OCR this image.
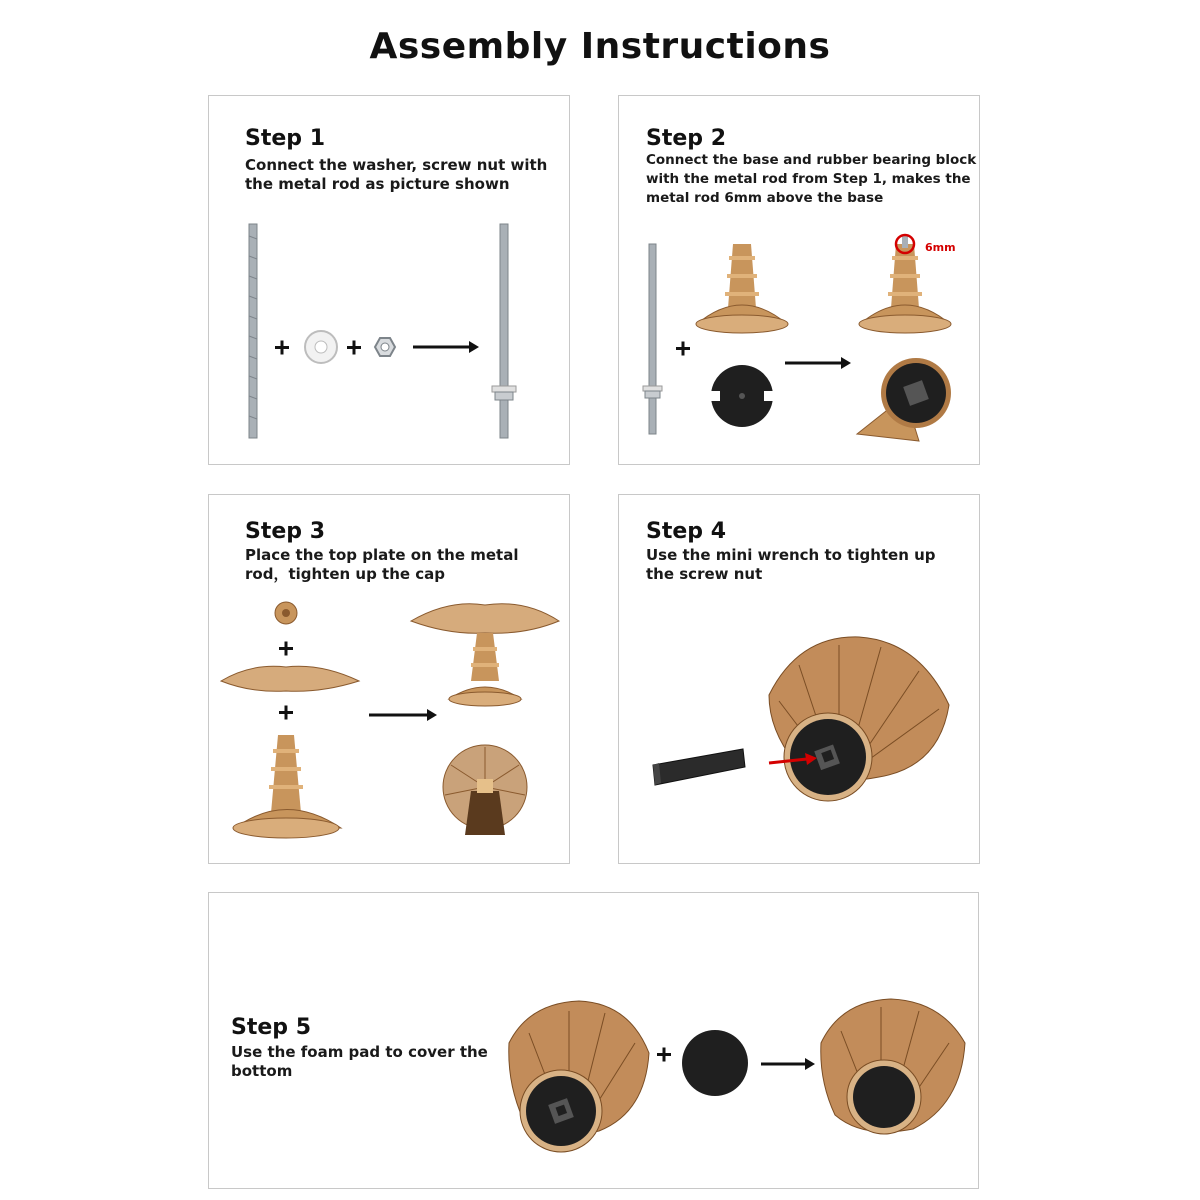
Assembly Instructions
Step 1
Connect the washer, screw nut with
the metal rod as picture shown
Step 2
Connect the base and rubber bearing block
with the metal rod from Step 1, makes the
metal rod 6mm above the base
6mm
Step 3
Place the top plate on the metal
rod，tighten up the cap
Step 4
Use the mini wrench to tighten up
the screw nut
Step 5
Use the foam pad to cover the
bottom
